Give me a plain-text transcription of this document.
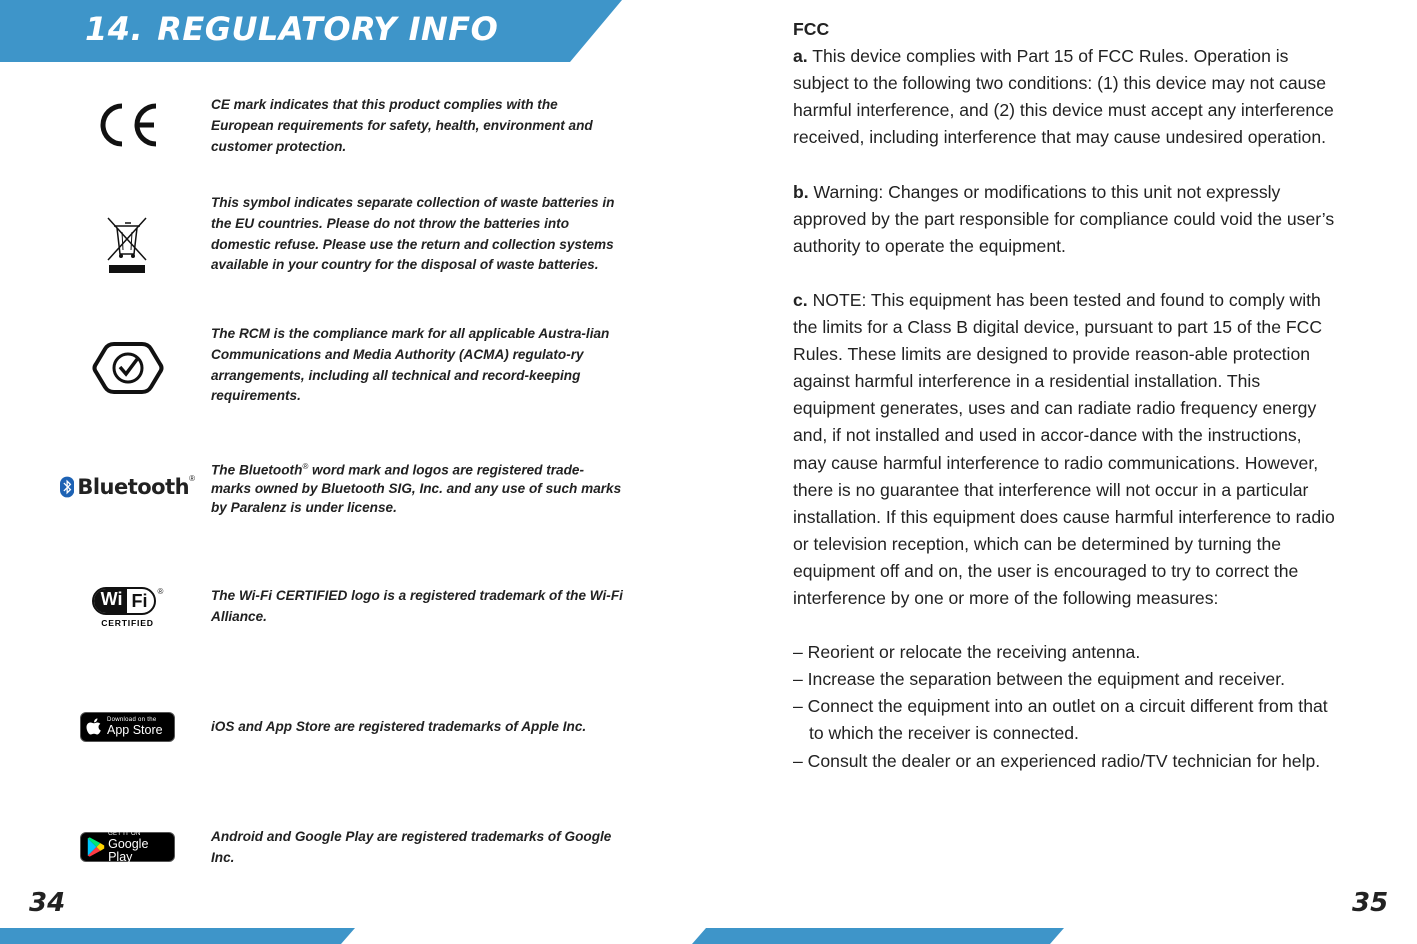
14. REGULATORY INFO
CE mark indicates that this product complies with the European requirements for safety, health, environment and customer protection.
This symbol indicates separate collection of waste batteries in the EU countries. Please do not throw the batteries into domestic refuse. Please use the return and collection systems available in your country for the disposal of waste batteries.
The RCM is the compliance mark for all applicable Austra-lian Communications and Media Authority (ACMA) regulato-ry arrangements, including all technical and record-keeping requirements.
Bluetooth ®
The Bluetooth® word mark and logos are registered trade-marks owned by Bluetooth SIG, Inc. and any use of such marks by Paralenz is under license.
Wi Fi	®
CERTIFIED
The Wi-Fi CERTIFIED logo is a registered trademark of the Wi-Fi Alliance.
Download on the
App Store	iOS and App Store are registered trademarks of Apple Inc.
GET IT ON
Google Play
Android and Google Play are registered trademarks of Google Inc.

FCC

a. This device complies with Part 15 of FCC Rules. Operation is subject to the following two conditions: (1) this device may not cause harmful interference, and (2) this device must accept any interference received, including interference that may cause undesired operation.

b. Warning: Changes or modifications to this unit not expressly approved by the part responsible for compliance could void the user’s authority to operate the equipment.

c. NOTE: This equipment has been tested and found to comply with the limits for a Class B digital device, pursuant to part 15 of the FCC Rules. These limits are designed to provide reason-able protection against harmful interference in a residential installation. This equipment generates, uses and can radiate radio frequency energy and, if not installed and used in accor-dance with the instructions, may cause harmful interference to radio communications. However, there is no guarantee that interference will not occur in a particular installation. If this equipment does cause harmful interference to radio or television reception, which can be determined by turning the equipment off and on, the user is encouraged to try to correct the interference by one or more of the following measures:

– Reorient or relocate the receiving antenna.

– Increase the separation between the equipment and receiver.

– Connect the equipment into an outlet on a circuit different from that to which the receiver is connected.

– Consult the dealer or an experienced radio/TV technician for help.

34	35
